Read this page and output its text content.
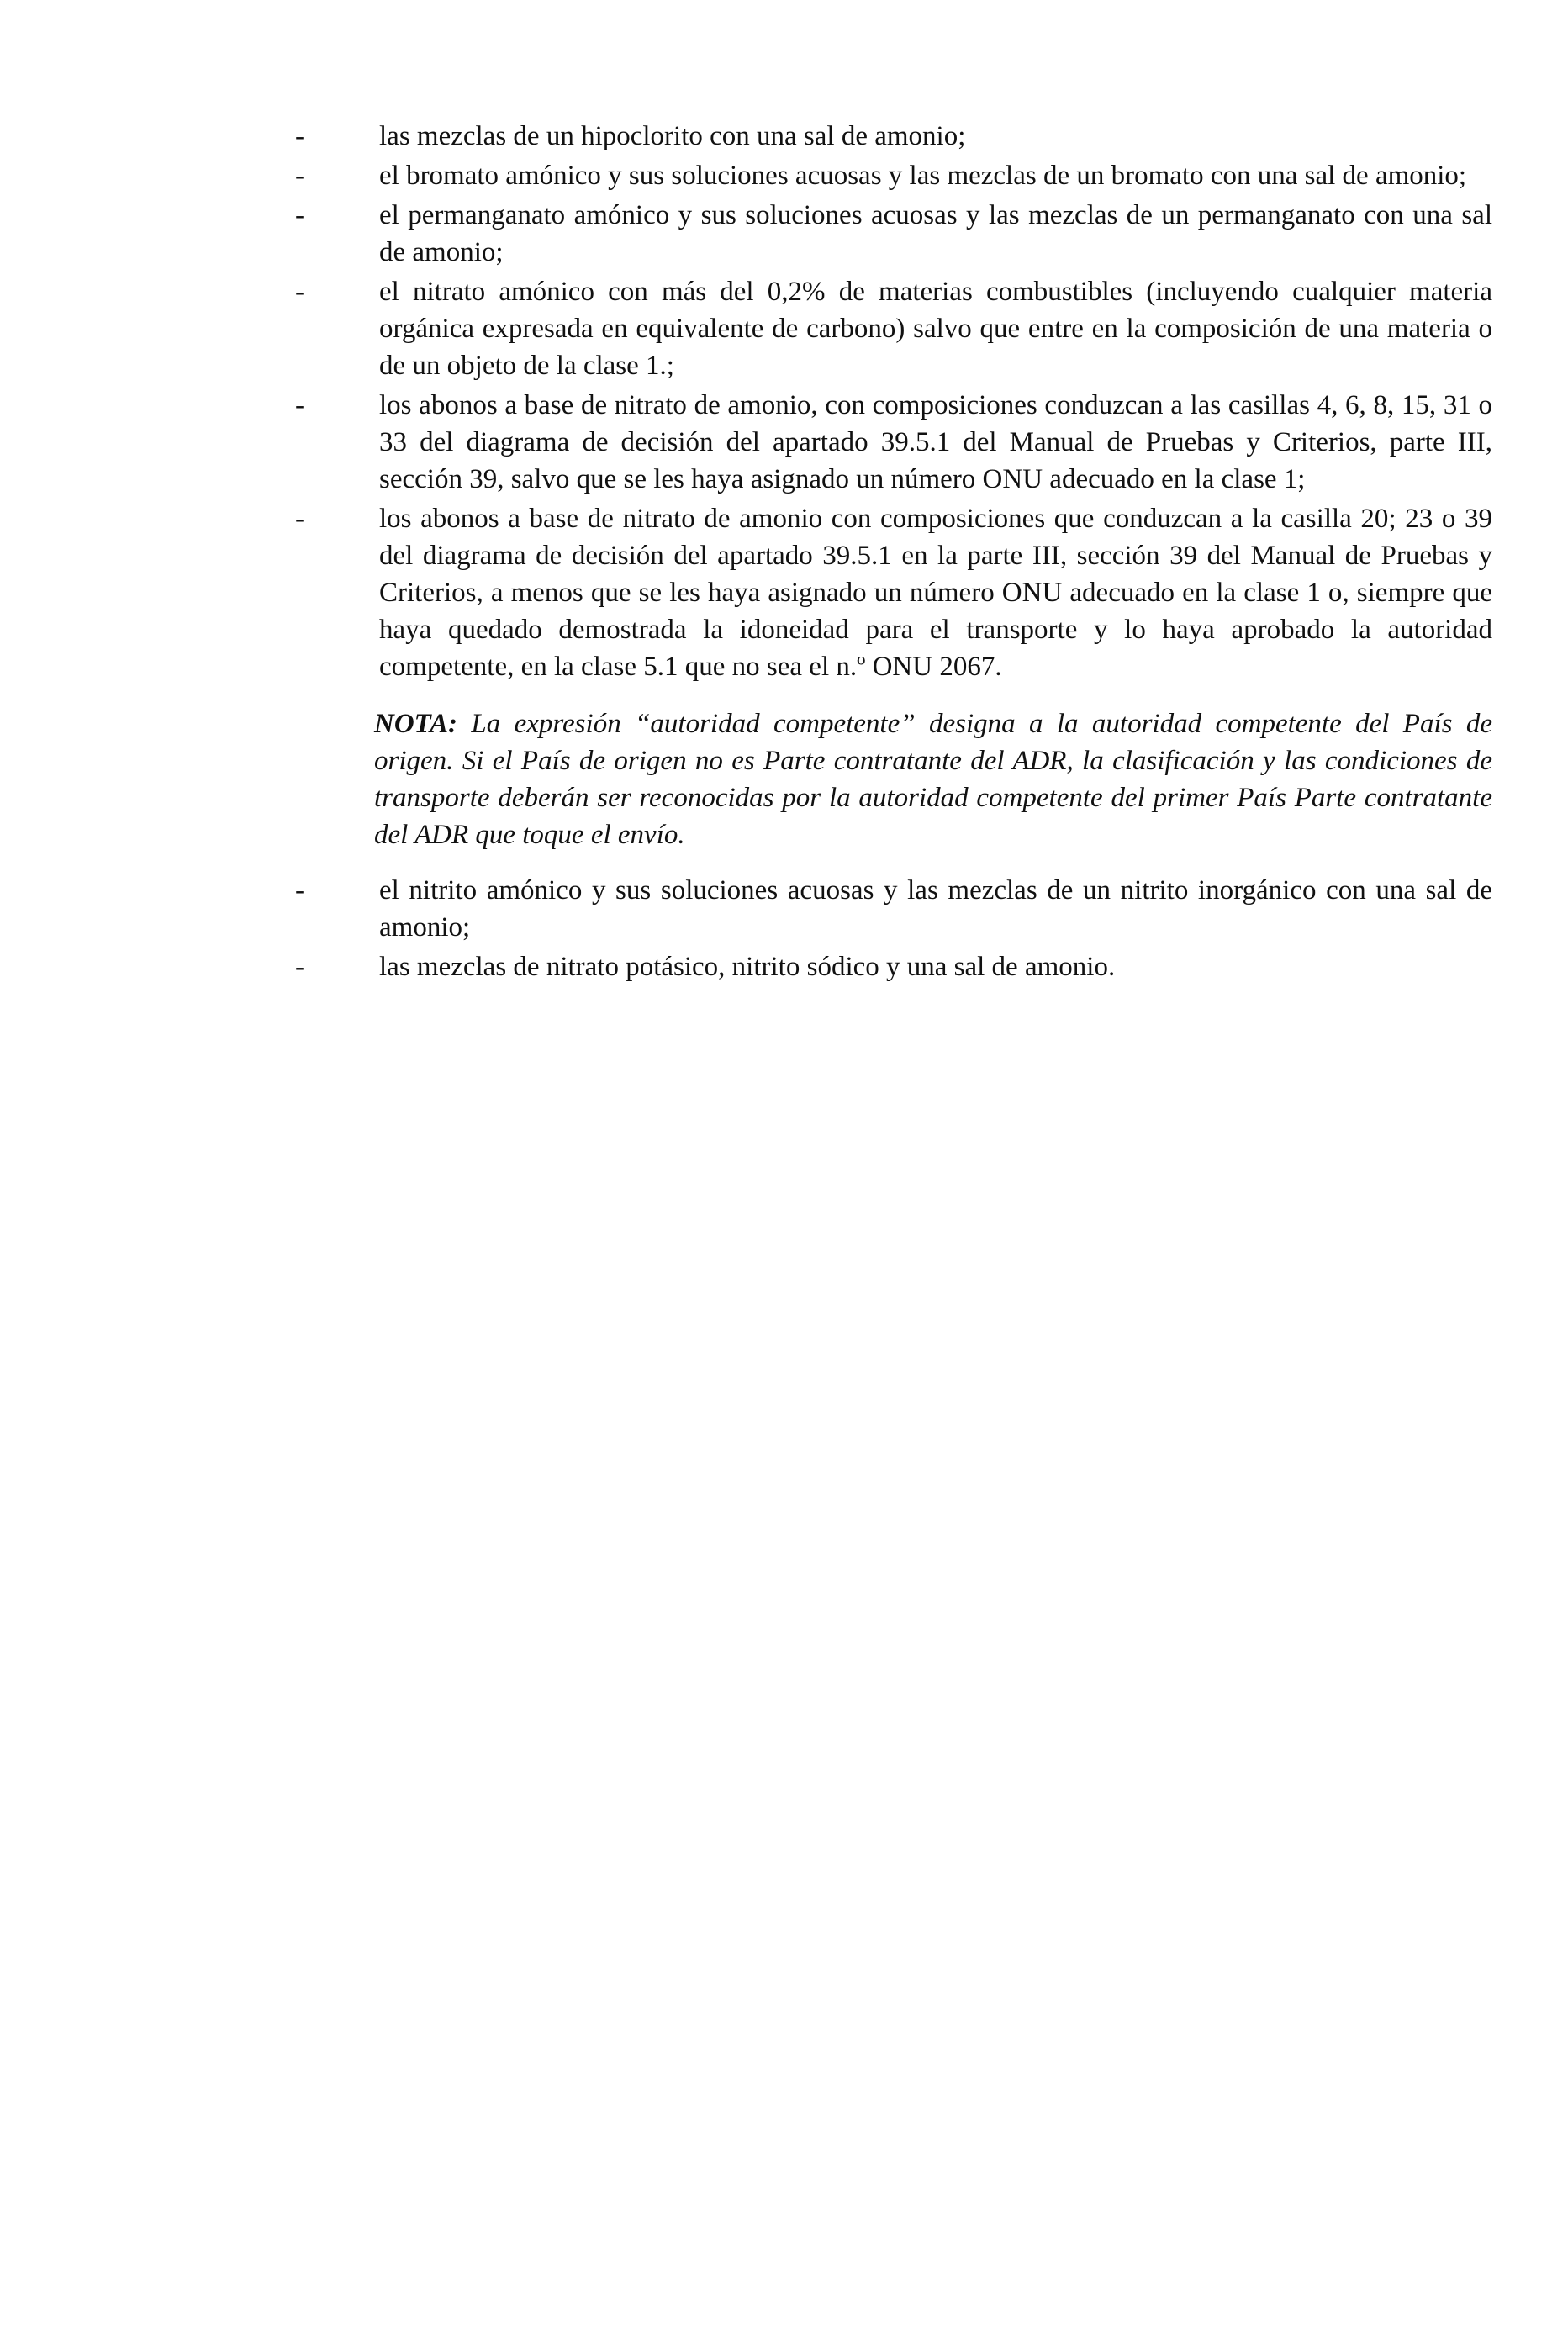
-	las mezclas de un hipoclorito con una sal de amonio;
-	el bromato amónico y sus soluciones acuosas y las mezclas de un bromato con una sal de amonio;
-	el permanganato amónico y sus soluciones acuosas y las mezclas de un permanganato con una sal de amonio;
-	el nitrato amónico con más del 0,2% de materias combustibles (incluyendo cualquier materia orgánica expresada en equivalente de carbono) salvo que entre en la composición de una materia o de un objeto de la clase 1.;
-	los abonos a base de nitrato de amonio, con composiciones conduzcan a las casillas 4, 6, 8, 15, 31 o 33 del diagrama de decisión del apartado 39.5.1 del Manual de Pruebas y Criterios, parte III, sección 39, salvo que se les haya asignado un número ONU adecuado en la clase 1;
-	los abonos a base de nitrato de amonio con composiciones que conduzcan a la casilla 20; 23 o 39 del diagrama de decisión del apartado 39.5.1 en la parte III, sección 39 del Manual de Pruebas y Criterios, a menos que se les haya asignado un número ONU adecuado en la clase 1 o, siempre que haya quedado demostrada la idoneidad para el transporte y lo haya aprobado la autoridad competente, en la clase 5.1 que no sea el n.º ONU 2067.
NOTA: La expresión “autoridad competente” designa a la autoridad competente del País de origen. Si el País de origen no es Parte contratante del ADR, la clasificación y las condiciones de transporte deberán ser reconocidas por la autoridad competente del primer País Parte contratante del ADR que toque el envío.
-	el nitrito amónico y sus soluciones acuosas y las mezclas de un nitrito inorgánico con una sal de amonio;
-	las mezclas de nitrato potásico, nitrito sódico y una sal de amonio.
